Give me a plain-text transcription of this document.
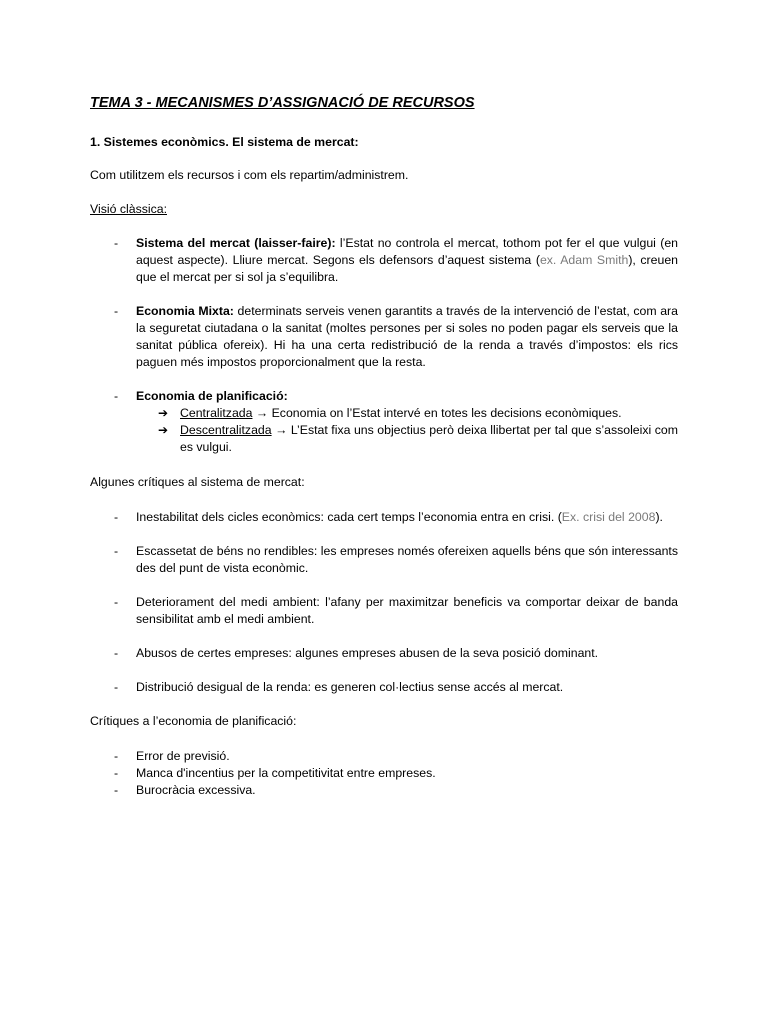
TEMA 3 - MECANISMES D’ASSIGNACIÓ DE RECURSOS

1. Sistemes econòmics. El sistema de mercat:

Com utilitzem els recursos i com els repartim/administrem.

Visió clàssica:

- Sistema del mercat (laisser-faire): l’Estat no controla el mercat, tothom pot fer el que vulgui (en aquest aspecte). Lliure mercat. Segons els defensors d’aquest sistema (ex. Adam Smith), creuen que el mercat per si sol ja s’equilibra.

- Economia Mixta: determinats serveis venen garantits a través de la intervenció de l’estat, com ara la seguretat ciutadana o la sanitat (moltes persones per si soles no poden pagar els serveis que la sanitat pública ofereix). Hi ha una certa redistribució de la renda a través d’impostos: els rics paguen més impostos proporcionalment que la resta.

- Economia de planificació:

➔ Centralitzada → Economia on l’Estat intervé en totes les decisions econòmiques.

➔ Descentralitzada → L’Estat fixa uns objectius però deixa llibertat per tal que s’assoleixi com es vulgui.

Algunes crítiques al sistema de mercat:

- Inestabilitat dels cicles econòmics: cada cert temps l’economia entra en crisi. (Ex. crisi del 2008).

- Escassetat de béns no rendibles: les empreses només ofereixen aquells béns que són interessants des del punt de vista econòmic.

- Deteriorament del medi ambient: l’afany per maximitzar beneficis va comportar deixar de banda sensibilitat amb el medi ambient.

- Abusos de certes empreses: algunes empreses abusen de la seva posició dominant.

- Distribució desigual de la renda: es generen col·lectius sense accés al mercat.

Crítiques a l’economia de planificació:

- Error de previsió.

- Manca d'incentius per la competitivitat entre empreses.

- Burocràcia excessiva.
